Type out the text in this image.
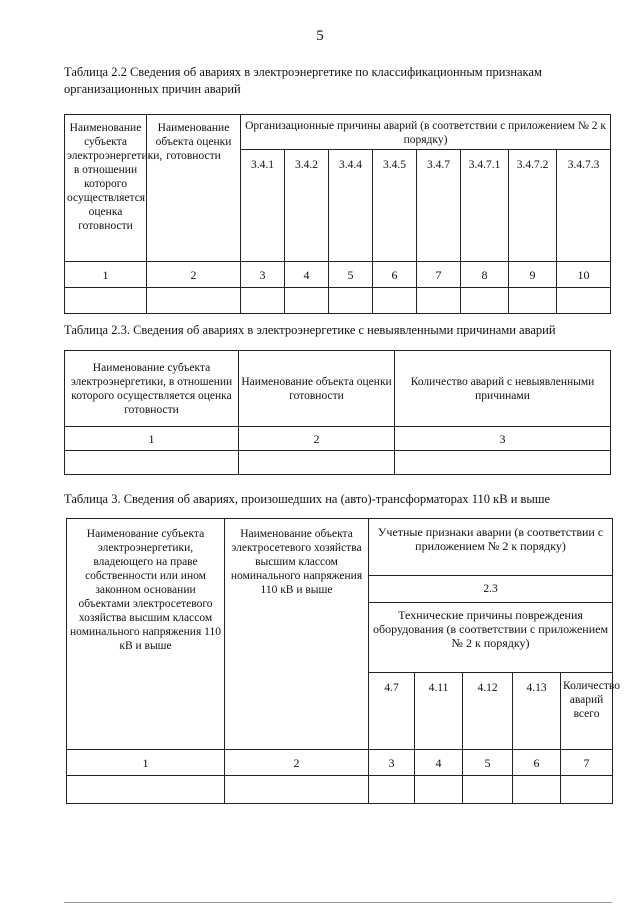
5
Таблица 2.2 Сведения об авариях в электроэнергетике по классификационным признакам организационных причин аварий
Наименование субъекта электроэнергетики, в отношении которого осуществляется оценка готовности	Наименование объекта оценки готовности	Организационные причины аварий (в соответствии с приложением № 2 к порядку)							
		3.4.1	3.4.2	3.4.4	3.4.5	3.4.7	3.4.7.1	3.4.7.2	3.4.7.3
1	2	3	4	5	6	7	8	9	10

Таблица 2.3. Сведения об авариях в электроэнергетике с невыявленными причинами аварий
Наименование субъекта электроэнергетики, в отношении которого осуществляется оценка готовности	Наименование объекта оценки готовности	Количество аварий с невыявленными причинами
1	2	3

Таблица 3. Сведения об авариях, произошедших на (авто)-трансформаторах 110 кВ и выше
Наименование субъекта электроэнергетики, владеющего на праве собственности или ином законном основании объектами электросетевого хозяйства высшим классом номинального напряжения 110 кВ и выше	Наименование объекта электросетевого хозяйства высшим классом номинального напряжения 110 кВ и выше	Учетные признаки аварии (в соответствии с приложением № 2 к порядку)				
		2.3				
		Технические причины повреждения оборудования (в соответствии с приложением № 2 к порядку)				
		4.7	4.11	4.12	4.13	Количество аварий всего
1	2	3	4	5	6	7
